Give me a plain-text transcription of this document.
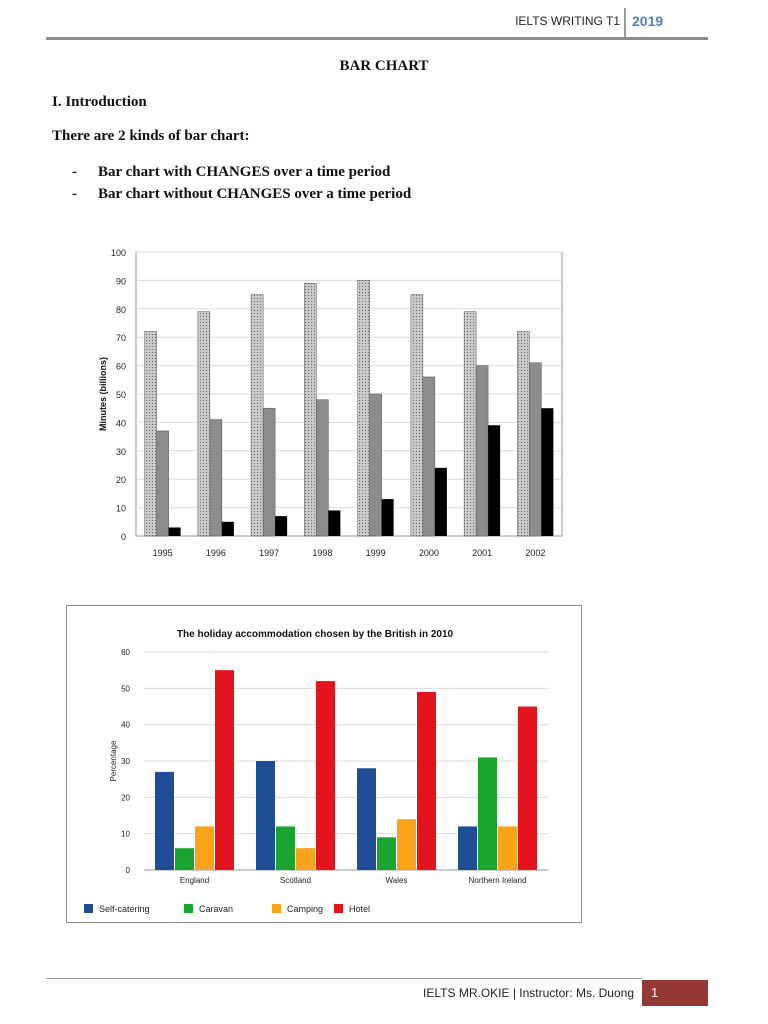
IELTS WRITING T1 2019
BAR CHART
I. Introduction
There are 2 kinds of bar chart:
-	Bar chart with CHANGES over a time period
-	Bar chart without CHANGES over a time period
0
10
20
30
40
50
60
70
80
90
100
Minutes (billions)
1995	1996	1997	1998	1999	2000	2001	2002
The holiday accommodation chosen by the British in 2010
0
10
20
30
40
50
60
Percentage
England	Scotland	Wales	Northern Ireland
Self-catering	Caravan	Camping	Hotel
IELTS MR.OKIE | Instructor: Ms. Duong 1
